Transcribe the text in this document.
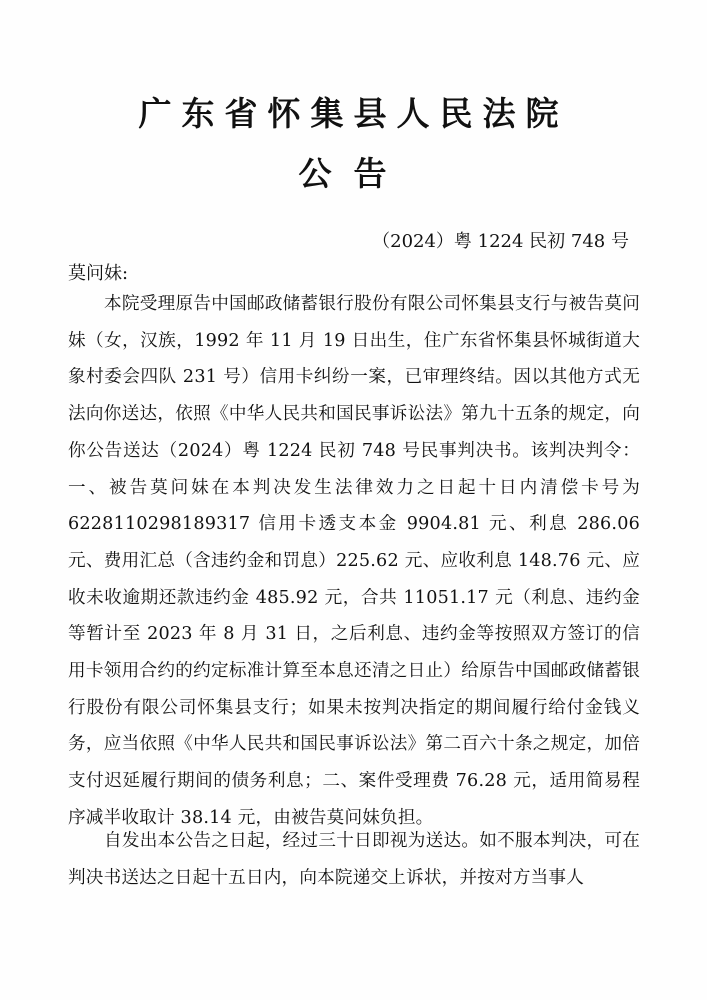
广东省怀集县人民法院
公告

（2024）粤 1224 民初 748 号

莫问妹:

本院受理原告中国邮政储蓄银行股份有限公司怀集县支行与被告莫问妹（女，汉族，1992 年 11 月 19 日出生，住广东省怀集县怀城街道大象村委会四队 231 号）信用卡纠纷一案，已审理终结。因以其他方式无法向你送达，依照《中华人民共和国民事诉讼法》第九十五条的规定，向你公告送达（2024）粤 1224 民初 748 号民事判决书。该判决判令：一、被告莫问妹在本判决发生法律效力之日起十日内清偿卡号为 6228110298189317 信用卡透支本金 9904.81 元、利息 286.06 元、费用汇总（含违约金和罚息）225.62 元、应收利息 148.76 元、应收未收逾期还款违约金 485.92 元，合共 11051.17 元（利息、违约金等暂计至 2023 年 8 月 31 日，之后利息、违约金等按照双方签订的信用卡领用合约的约定标准计算至本息还清之日止）给原告中国邮政储蓄银行股份有限公司怀集县支行；如果未按判决指定的期间履行给付金钱义务，应当依照《中华人民共和国民事诉讼法》第二百六十条之规定，加倍支付迟延履行期间的债务利息；二、案件受理费 76.28 元，适用简易程序减半收取计 38.14 元，由被告莫问妹负担。

自发出本公告之日起，经过三十日即视为送达。如不服本判决，可在判决书送达之日起十五日内，向本院递交上诉状，并按对方当事人
